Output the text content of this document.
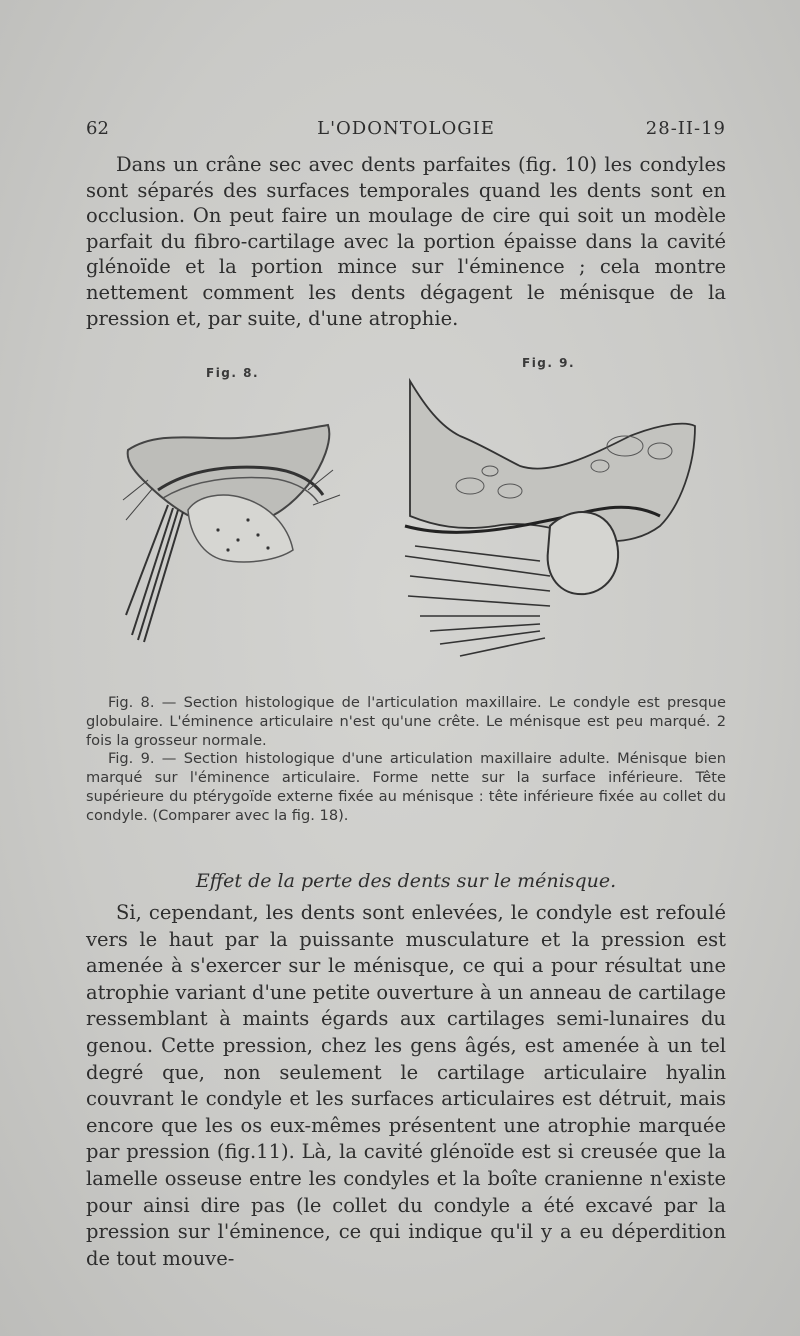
62	L'ODONTOLOGIE	28-II-19

Dans un crâne sec avec dents parfaites (fig. 10) les condyles sont séparés des surfaces temporales quand les dents sont en occlusion. On peut faire un moulage de cire qui soit un modèle parfait du fibro-cartilage avec la portion épaisse dans la cavité glénoïde et la portion mince sur l'éminence ; cela montre nettement comment les dents dégagent le ménisque de la pression et, par suite, d'une atrophie.

Fig. 8.
Fig. 9.
Fig. 8. — Section histologique de l'articulation maxillaire. Le condyle est presque globulaire. L'éminence articulaire n'est qu'une crête. Le ménisque est peu marqué. 2 fois la grosseur normale.
Fig. 9. — Section histologique d'une articulation maxillaire adulte. Ménisque bien marqué sur l'éminence articulaire. Forme nette sur la surface inférieure. Tête supérieure du ptérygoïde externe fixée au ménisque : tête inférieure fixée au collet du condyle. (Comparer avec la fig. 18).
Effet de la perte des dents sur le ménisque.

Si, cependant, les dents sont enlevées, le condyle est refoulé vers le haut par la puissante musculature et la pression est amenée à s'exercer sur le ménisque, ce qui a pour résultat une atrophie variant d'une petite ouverture à un anneau de cartilage ressemblant à maints égards aux cartilages semi-lunaires du genou. Cette pression, chez les gens âgés, est amenée à un tel degré que, non seulement le cartilage articulaire hyalin couvrant le condyle et les surfaces articulaires est détruit, mais encore que les os eux-mêmes présentent une atrophie marquée par pression (fig.11). Là, la cavité glénoïde est si creusée que la lamelle osseuse entre les condyles et la boîte cranienne n'existe pour ainsi dire pas (le collet du condyle a été excavé par la pression sur l'éminence, ce qui indique qu'il y a eu déperdition de tout mouve-
